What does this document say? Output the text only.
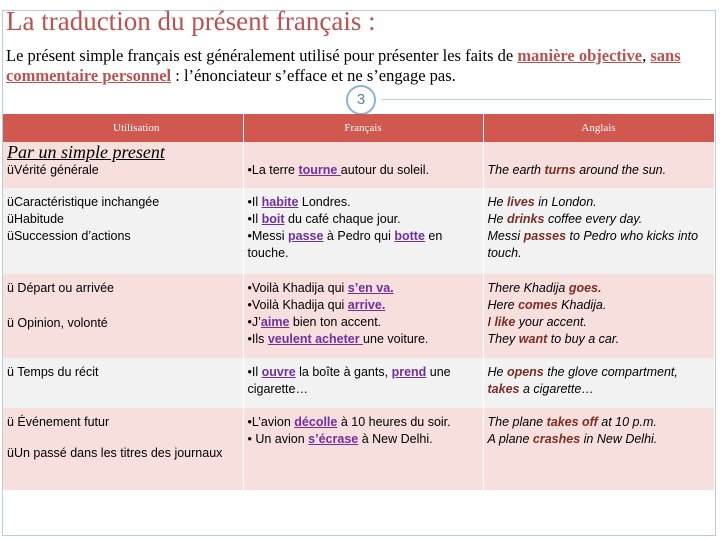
La traduction du présent français :
Le présent simple français est généralement utilisé pour présenter les faits de manière objective, sans commentaire personnel : l’énonciateur s’efface et ne s’engage pas.
3
Utilisation	Français	Anglais

Par un simple present
üVérité générale	•La terre tourne autour du soleil.	The earth turns around the sun.

üCaractéristique inchangée
üHabitude
üSuccession d’actions	•Il habite Londres.
•Il boit du café chaque jour.
•Messi passe à Pedro qui botte en touche.	He lives in London.
He drinks coffee every day.
Messi passes to Pedro who kicks into touch.

ü Départ ou arrivée
ü Opinion, volonté	•Voilà Khadija qui s’en va.
•Voilà Khadija qui arrive.
•J’aime bien ton accent.
•Ils veulent acheter une voiture.	There Khadija goes.
Here comes Khadija.
I like your accent.
They want to buy a car.

ü Temps du récit	•Il ouvre la boîte à gants, prend une cigarette…	He opens the glove compartment, takes a cigarette…

ü Événement futur
üUn passé dans les titres des journaux	•L’avion décolle à 10 heures du soir.
• Un avion s’écrase à New Delhi.	The plane takes off at 10 p.m.
A plane crashes in New Delhi.
